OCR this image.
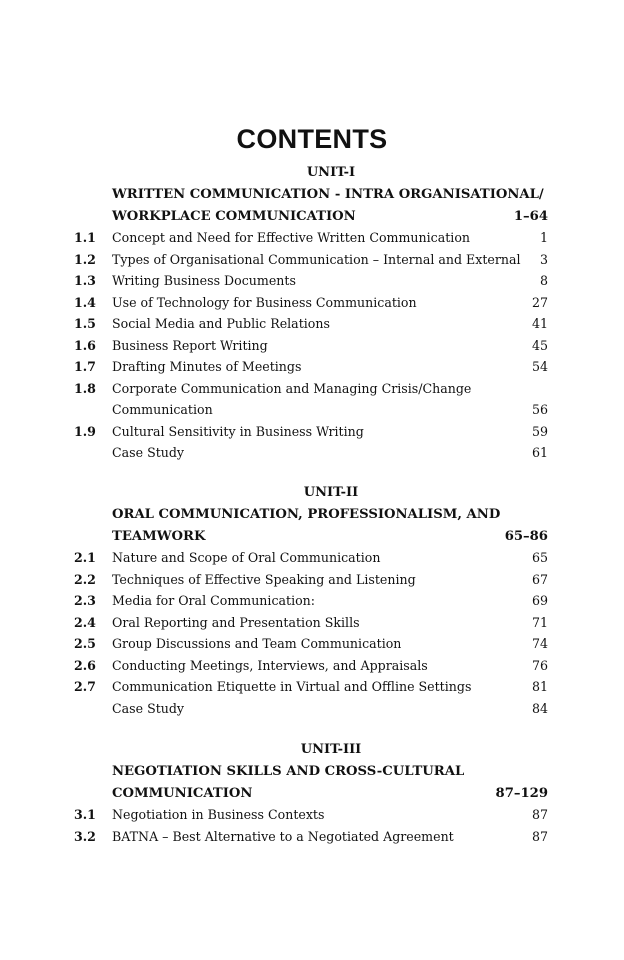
CONTENTS
UNIT-I
WRITTEN COMMUNICATION - INTRA ORGANISATIONAL/
WORKPLACE COMMUNICATION	1–64
1.1 Concept and Need for Effective Written Communication	1
1.2 Types of Organisational Communication – Internal and External 3
1.3 Writing Business Documents	8
1.4 Use of Technology for Business Communication	27
1.5 Social Media and Public Relations	41
1.6 Business Report Writing	45
1.7 Drafting Minutes of Meetings	54
1.8 Corporate Communication and Managing Crisis/Change
Communication	56
1.9 Cultural Sensitivity in Business Writing	59
Case Study	61
UNIT-II
ORAL COMMUNICATION, PROFESSIONALISM, AND
TEAMWORK	65–86
2.1 Nature and Scope of Oral Communication	65
2.2 Techniques of Effective Speaking and Listening	67
2.3 Media for Oral Communication:	69
2.4 Oral Reporting and Presentation Skills	71
2.5 Group Discussions and Team Communication	74
2.6 Conducting Meetings, Interviews, and Appraisals	76
2.7 Communication Etiquette in Virtual and Offline Settings	81
Case Study	84
UNIT-III
NEGOTIATION SKILLS AND CROSS-CULTURAL
COMMUNICATION	87–129
3.1 Negotiation in Business Contexts	87
3.2 BATNA – Best Alternative to a Negotiated Agreement	87
